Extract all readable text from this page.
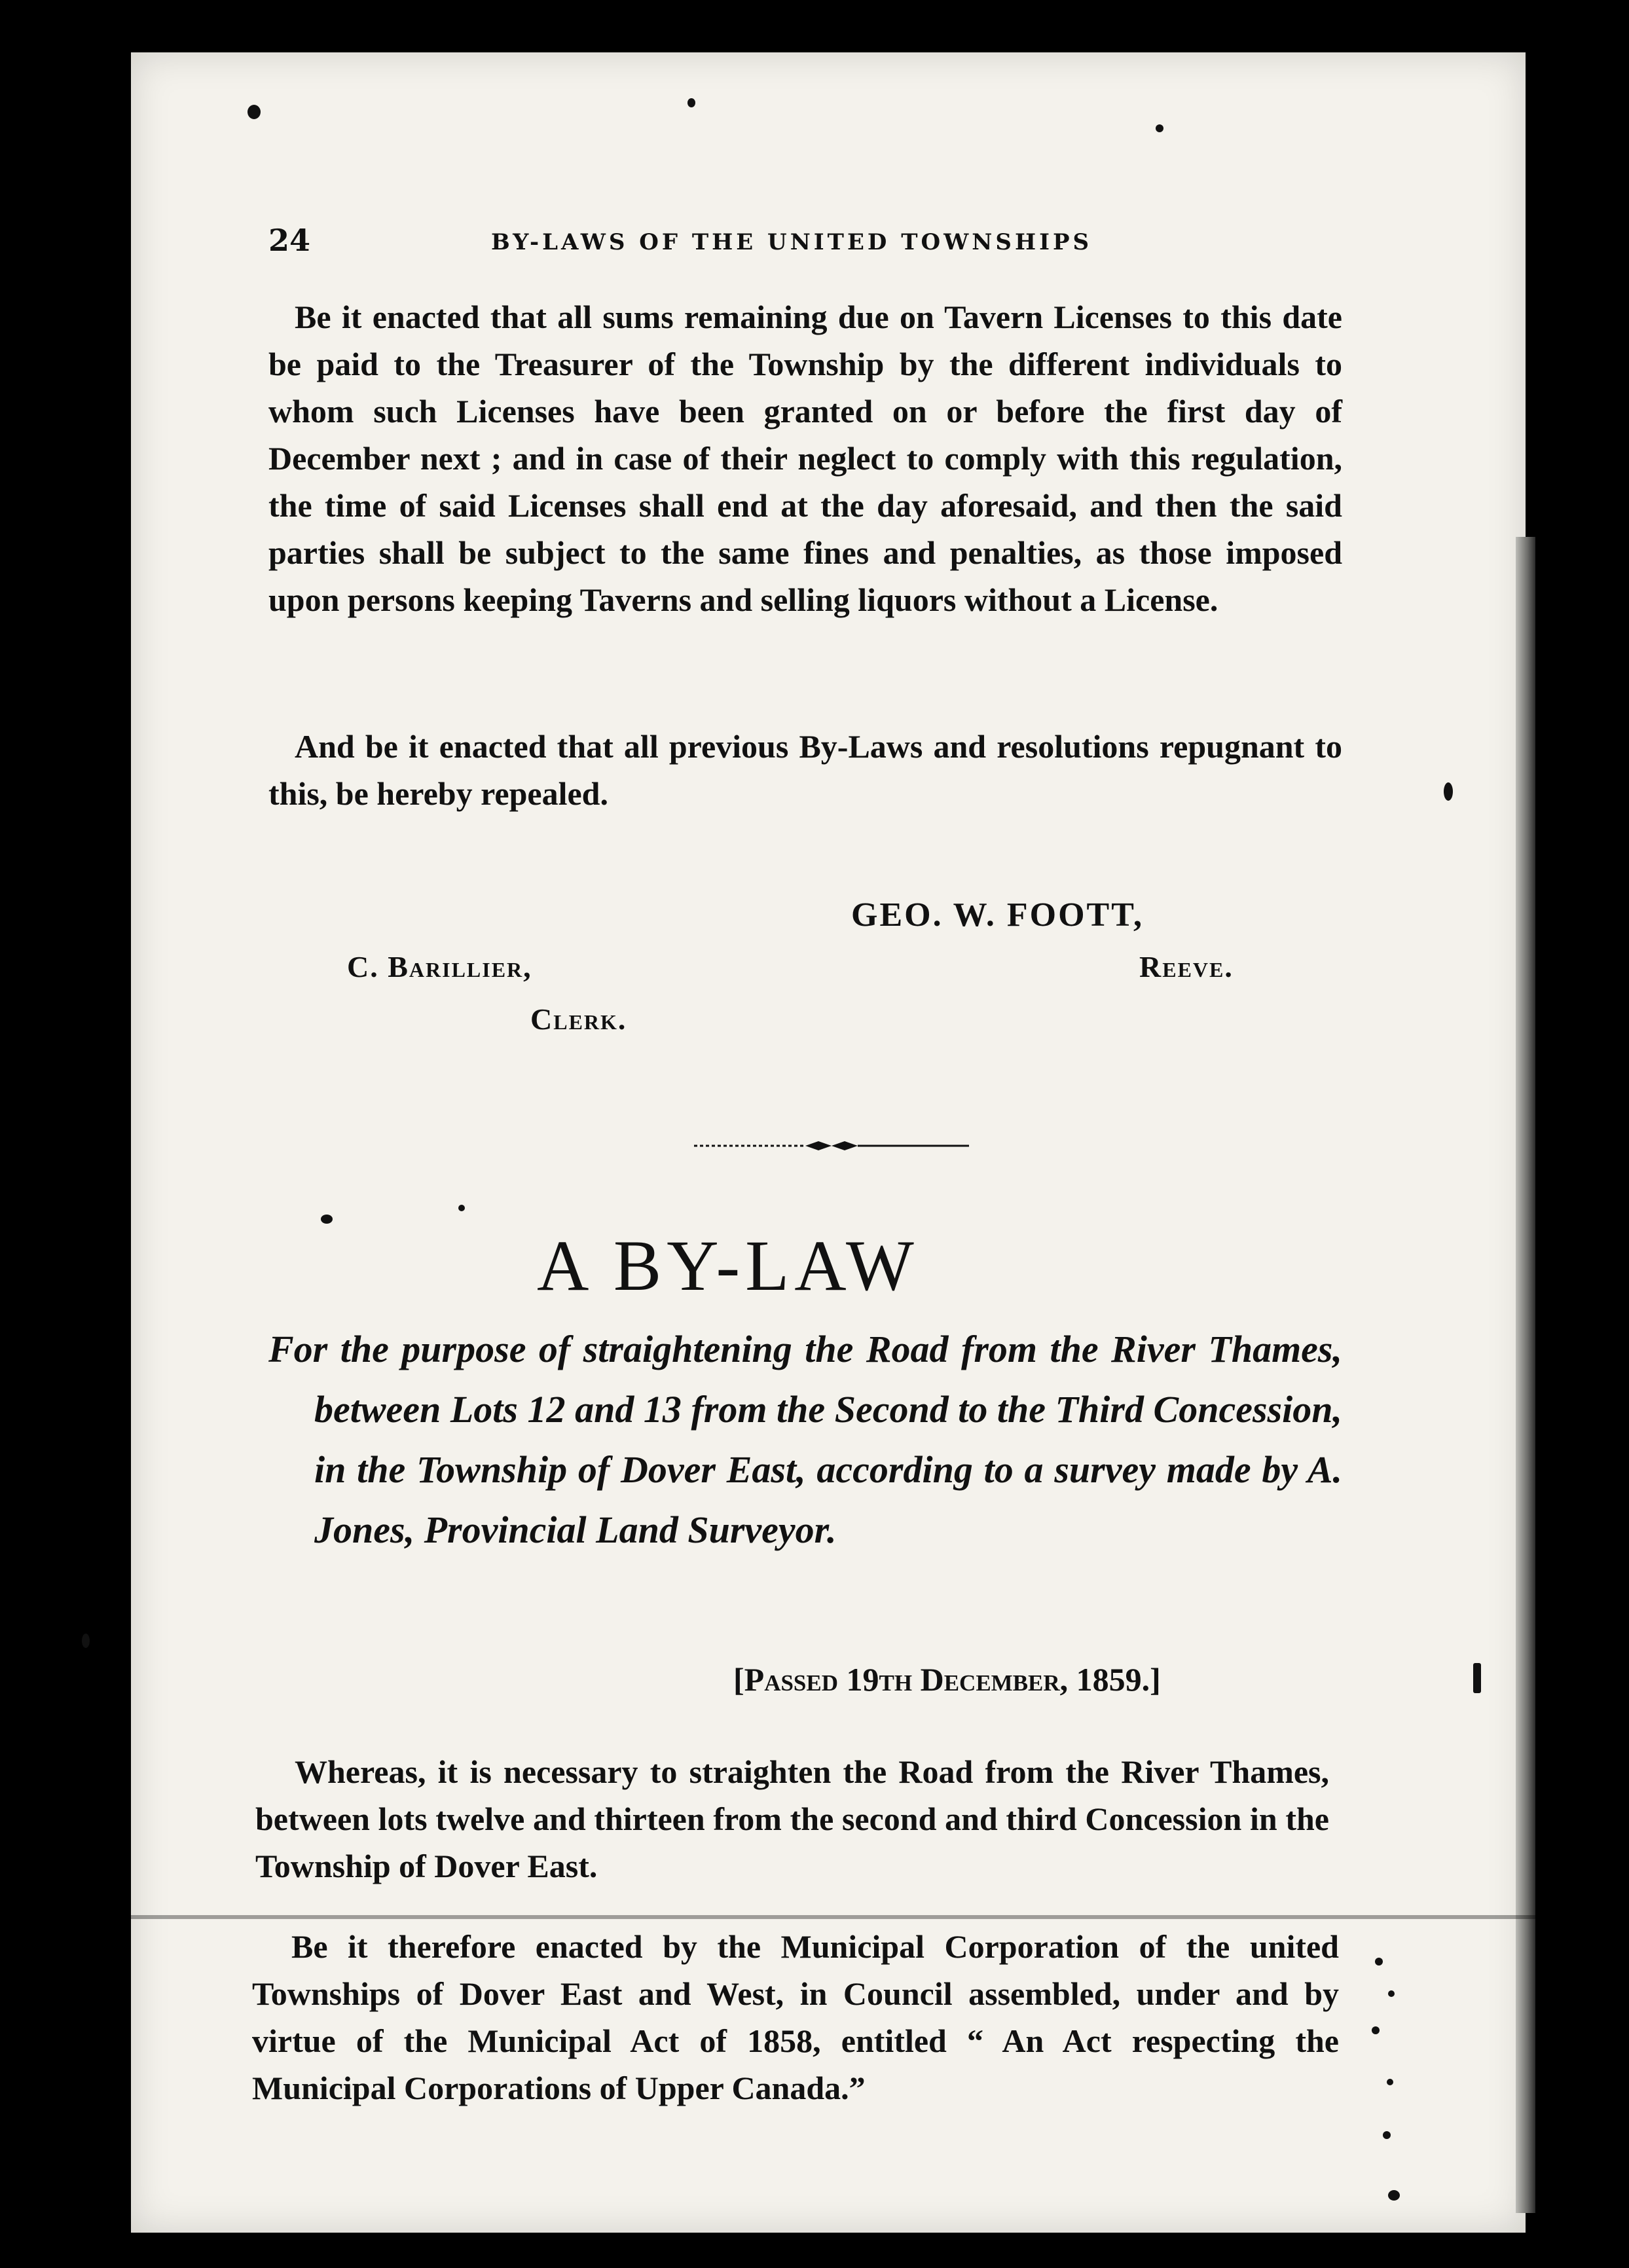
24	BY-LAWS OF THE UNITED TOWNSHIPS

Be it enacted that all sums remaining due on Tavern Licenses to this date be paid to the Treasurer of the Township by the different individuals to whom such Licenses have been granted on or before the first day of December next ; and in case of their neglect to comply with this regulation, the time of said Licenses shall end at the day aforesaid, and then the said parties shall be subject to the same fines and penalties, as those imposed upon persons keeping Taverns and selling liquors without a License.

And be it enacted that all previous By-Laws and resolutions repugnant to this, be hereby repealed.

GEO. W. FOOTT,
C. Barillier,	Reeve.
Clerk.
A BY-LAW

For the purpose of straightening the Road from the River Thames, between Lots 12 and 13 from the Second to the Third Concession, in the Township of Dover East, according to a survey made by A. Jones, Provincial Land Surveyor.

[Passed 19th December, 1859.]

Whereas, it is necessary to straighten the Road from the River Thames, between lots twelve and thirteen from the second and third Concession in the Township of Dover East.

Be it therefore enacted by the Municipal Corporation of the united Townships of Dover East and West, in Council assembled, under and by virtue of the Municipal Act of 1858, entitled “ An Act respecting the Municipal Corporations of Upper Canada.”
